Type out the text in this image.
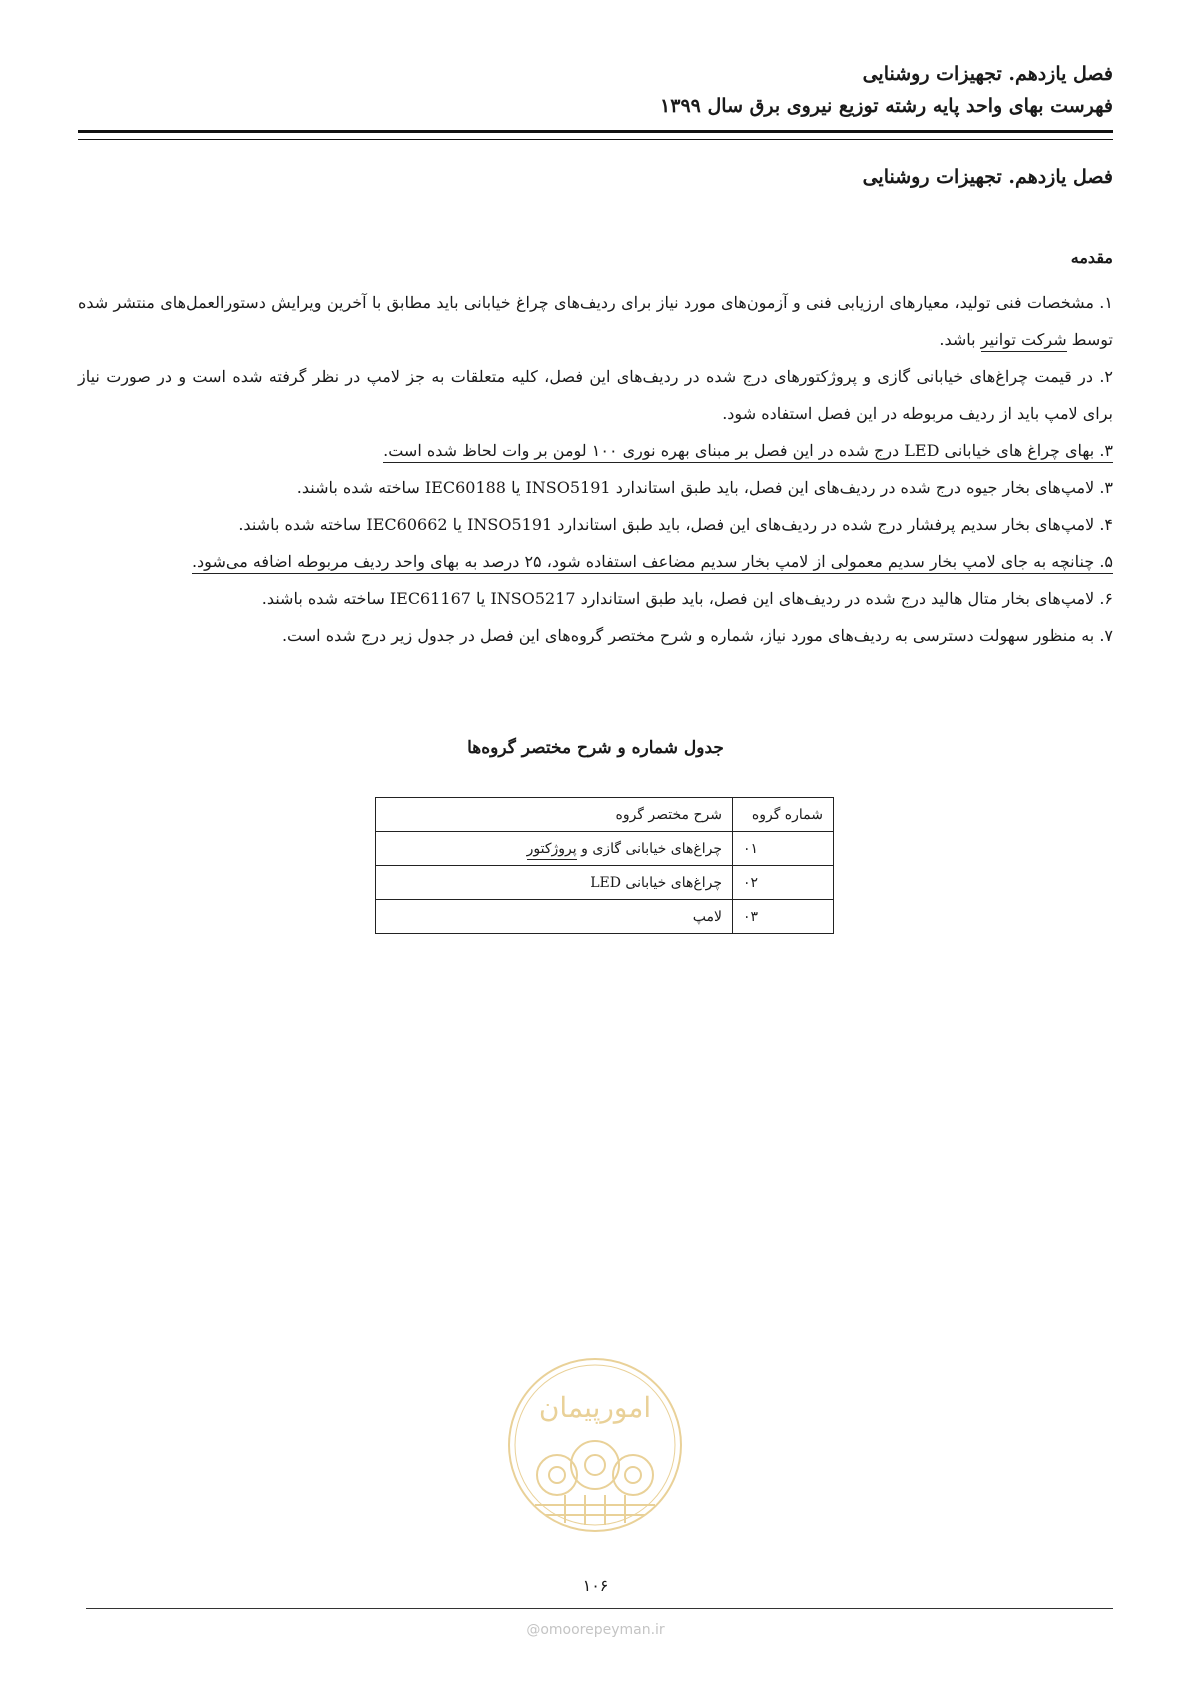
فصل یازدهم. تجهیزات روشنایی
فهرست بهای واحد پایه رشته توزیع نیروی برق سال ۱۳۹۹
فصل یازدهم. تجهیزات روشنایی
مقدمه

۱. مشخصات فنی تولید، معیارهای ارزیابی فنی و آزمون‌های مورد نیاز برای ردیف‌های چراغ خیابانی باید مطابق با آخرین ویرایش دستورالعمل‌های منتشر شده توسط شرکت توانیر باشد.

۲. در قیمت چراغ‌های خیابانی گازی و پروژکتورهای درج شده در ردیف‌های این فصل، کلیه متعلقات به جز لامپ در نظر گرفته شده است و در صورت نیاز برای لامپ باید از ردیف مربوطه در این فصل استفاده شود.

۳. بهای چراغ های خیابانی LED درج شده در این فصل بر مبنای بهره نوری ۱۰۰ لومن بر وات لحاظ شده است.

۳. لامپ‌های بخار جیوه درج شده در ردیف‌های این فصل، باید طبق استاندارد INSO5191 یا IEC60188 ساخته شده باشند.

۴. لامپ‌های بخار سدیم پرفشار درج شده در ردیف‌های این فصل، باید طبق استاندارد INSO5191 یا IEC60662 ساخته شده باشند.

۵. چنانچه به جای لامپ بخار سدیم معمولی از لامپ بخار سدیم مضاعف استفاده شود، ۲۵ درصد به بهای واحد ردیف مربوطه اضافه می‌شود.

۶. لامپ‌های بخار متال هالید درج شده در ردیف‌های این فصل، باید طبق استاندارد INSO5217 یا IEC61167 ساخته شده باشند.

۷. به منظور سهولت دسترسی به ردیف‌های مورد نیاز، شماره و شرح مختصر گروه‌های این فصل در جدول زیر درج شده است.

جدول شماره و شرح مختصر گروه‌ها
شماره گروه	شرح مختصر گروه
۰۱	چراغ‌های خیابانی گازی و پروژکتور
۰۲	چراغ‌های خیابانی LED
۰۳	لامپ
امورپیمان
۱۰۶
@omoorepeyman.ir
